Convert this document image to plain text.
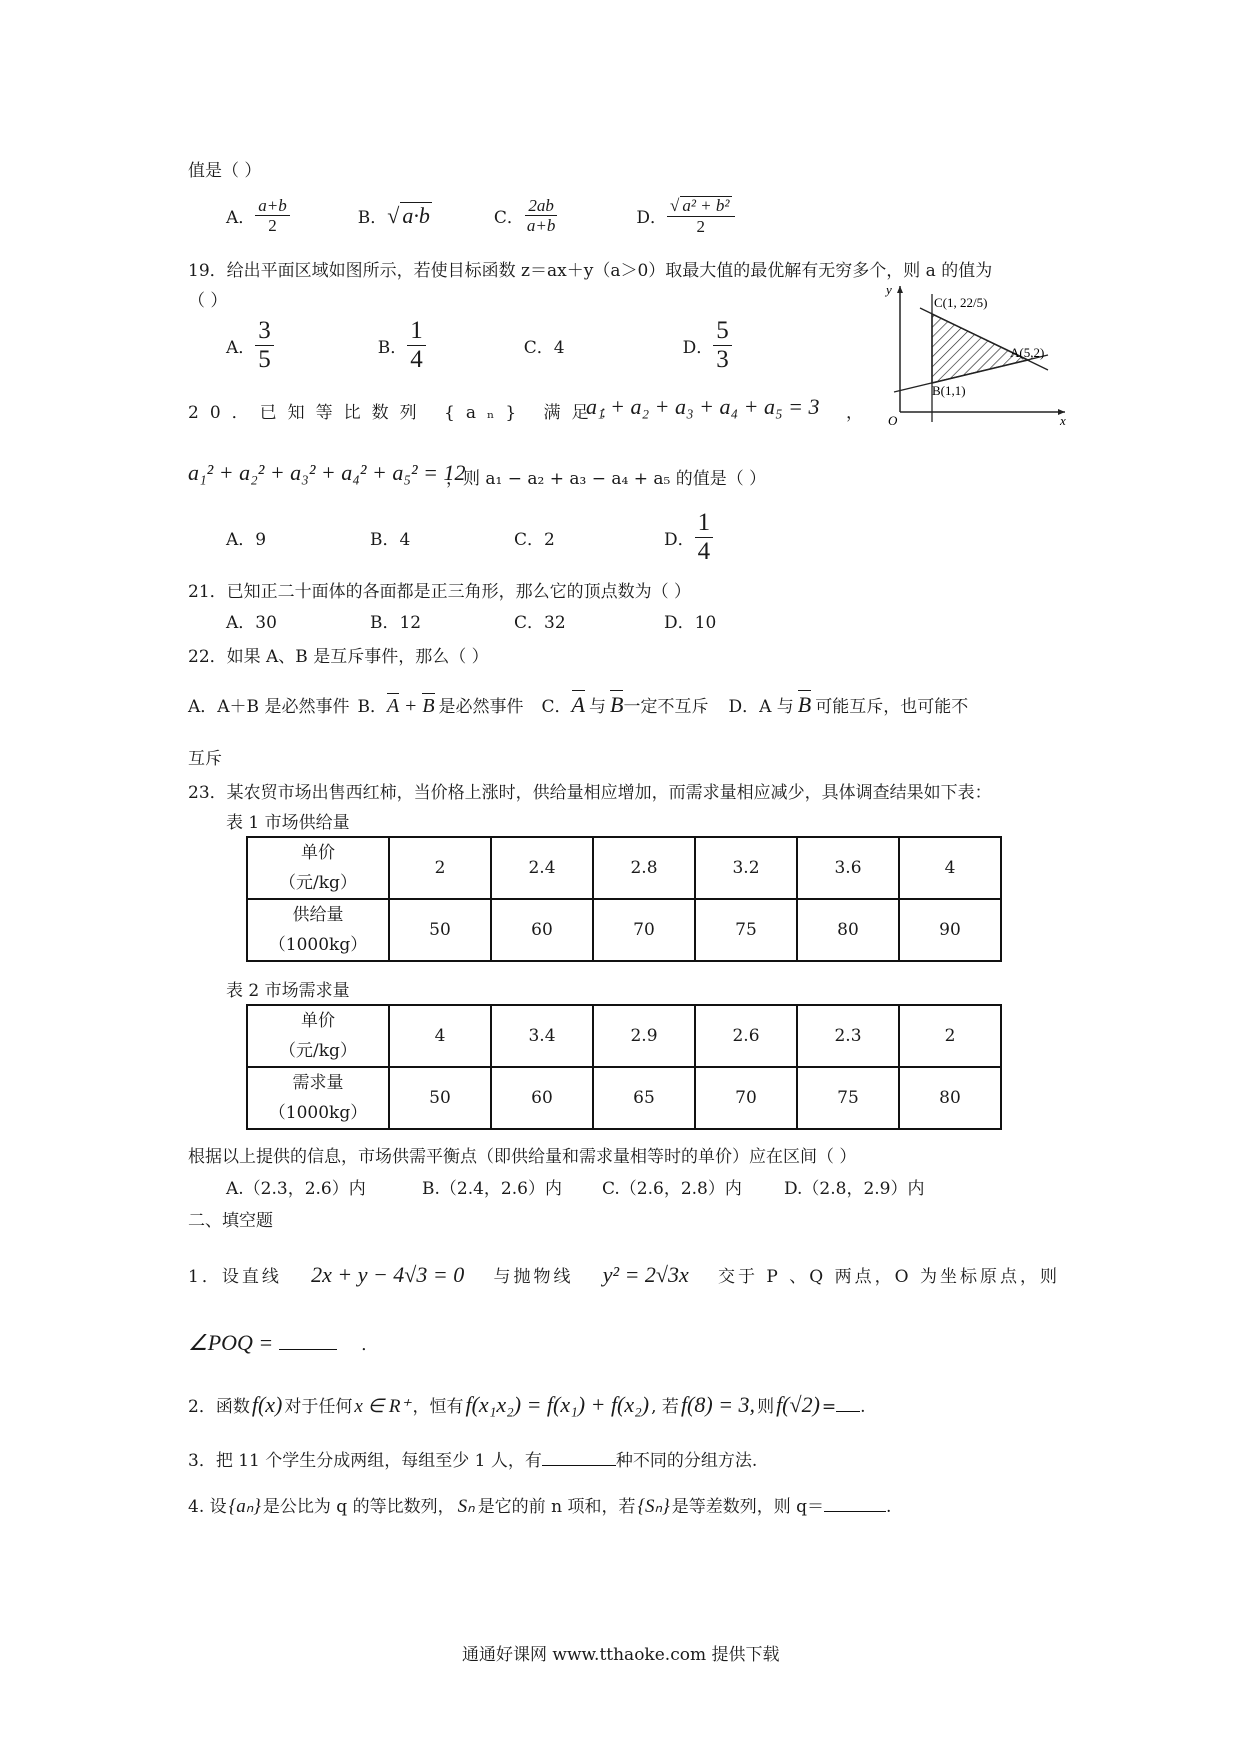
值是（ ）
A． $\frac{a+b}{2}$	B． √ a·b	C． $\frac{2ab}{a+b}$	D． $\frac{\text{√ a² + b²}}{2}$
19．给出平面区域如图所示，若使目标函数 z＝ax＋y（a＞0）取最大值的最优解有无穷多个，则 a 的值为
（ ）
A． $\frac{3}{5}$	B． $\frac{1}{4}$	C．4	D． $\frac{5}{3}$
y
x
O
C(1, 22/5)
A(5,2)
B(1,1)
20．已知等比数列 {aₙ} 满足：
a₁ + a₂ + a₃ + a₄ + a₅ = 3 ，
a₁² + a₂² + a₃² + a₄² + a₅² = 12
，则 a₁ − a₂ + a₃ − a₄ + a₅ 的值是（ ）
A．9	B．4	C．2	D． $\frac{1}{4}$
21．已知正二十面体的各面都是正三角形，那么它的顶点数为（ ）
A．30	B．12	C．32	D．10
22．如果 A、B 是互斥事件，那么（ ）
A．A＋B 是必然事件 B． A + B 是必然事件 C． A 与 B 一定不互斥 D．A 与 B 可能互斥，也可能不
互斥
23．某农贸市场出售西红柿，当价格上涨时，供给量相应增加，而需求量相应减少，具体调查结果如下表：
表 1 市场供给量
单价
（元/kg）	2	2.4	2.8	3.2	3.6	4
供给量
（1000kg）	50	60	70	75	80	90
表 2 市场需求量
单价
（元/kg）	4	3.4	2.9	2.6	2.3	2
需求量
（1000kg）	50	60	65	70	75	80
根据以上提供的信息，市场供需平衡点（即供给量和需求量相等时的单价）应在区间（ ）
A.（2.3，2.6）内	B.（2.4，2.6）内	C.（2.6，2.8）内	D.（2.8，2.9）内
二、填空题
1．设直线 2x + y − 4√3 = 0 与抛物线 y² = 2√3x 交于 P 、Q 两点，O 为坐标原点，则
∠POQ =	．
2．函数 f(x) 对于任何 x ∈ R⁺ ，恒有 f(x₁x₂) = f(x₁) + f(x₂) , 若 f(8) = 3, 则 f(√2) = .
3．把 11 个学生分成两组，每组至少 1 人，有	种不同的分组方法.
4. 设 {aₙ} 是公比为 q 的等比数列， Sₙ 是它的前 n 项和，若 {Sₙ} 是等差数列，则 q＝	.
通通好课网 www.tthaoke.com 提供下载
